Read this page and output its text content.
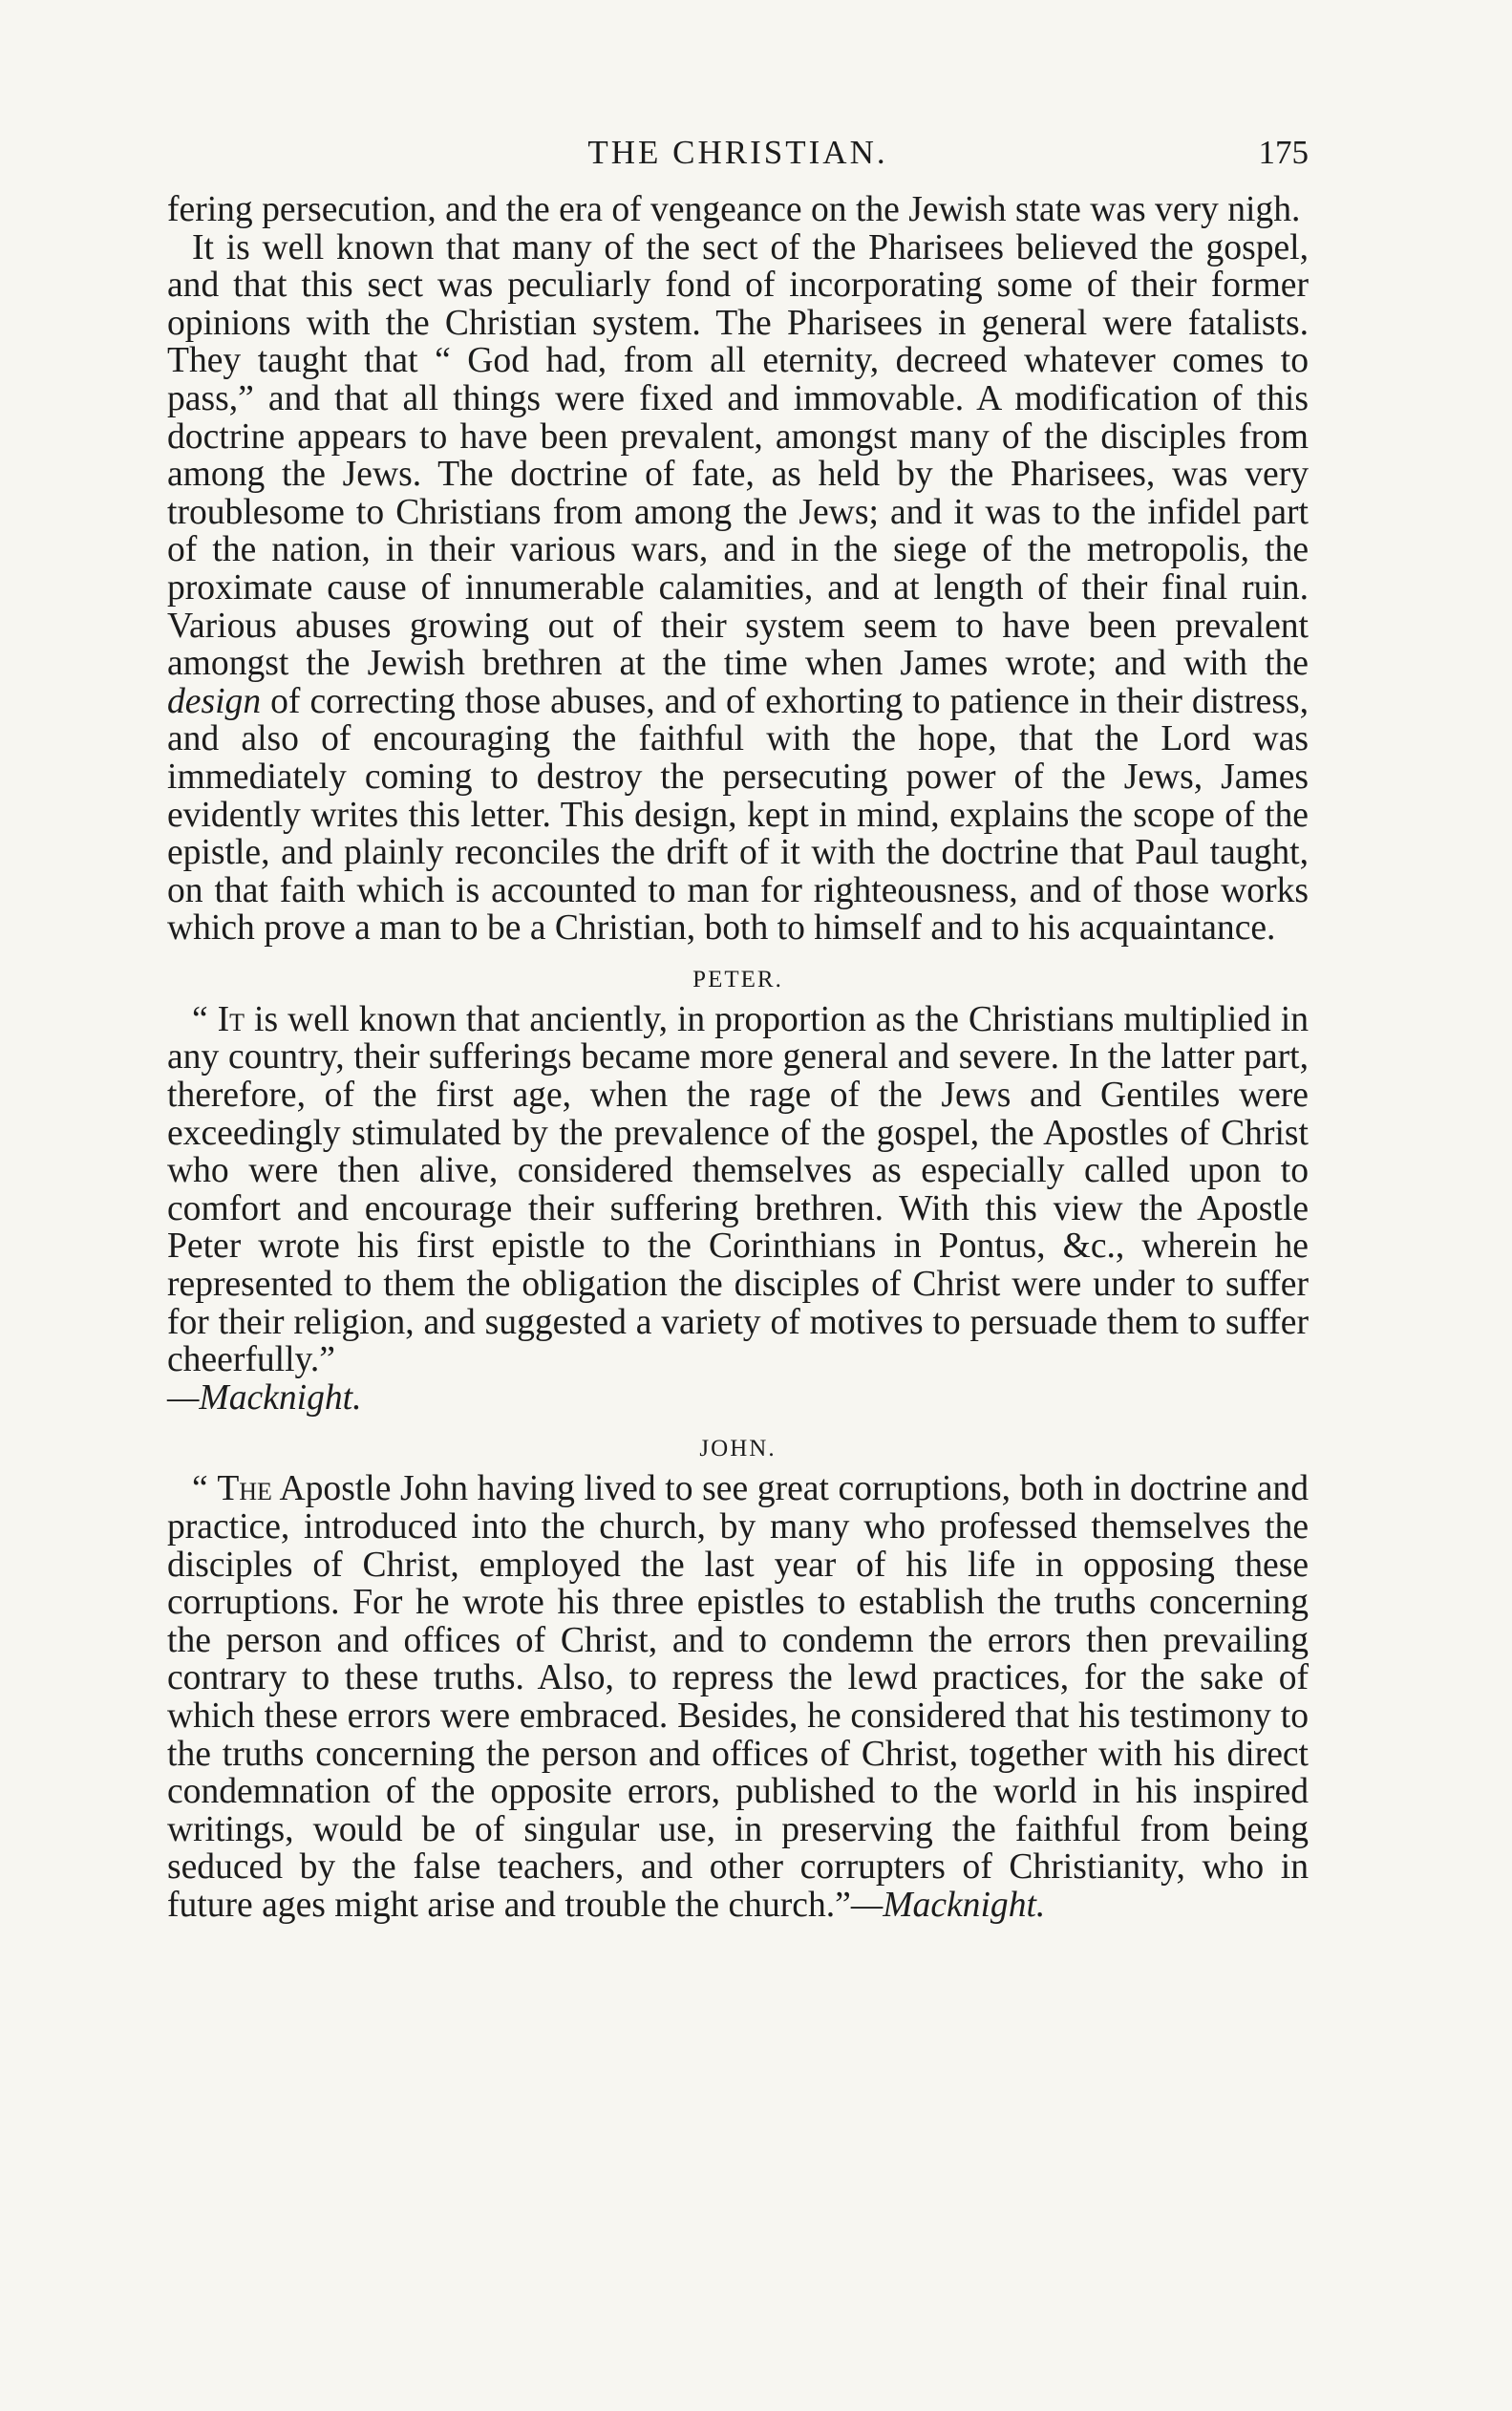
THE CHRISTIAN.	175

fering persecution, and the era of vengeance on the Jewish state was very nigh.

It is well known that many of the sect of the Pharisees believed the gospel, and that this sect was peculiarly fond of incorporating some of their former opinions with the Christian system. The Pharisees in general were fatalists. They taught that “ God had, from all eternity, decreed whatever comes to pass,” and that all things were fixed and immovable. A modification of this doctrine appears to have been prevalent, amongst many of the disciples from among the Jews. The doctrine of fate, as held by the Pharisees, was very troublesome to Christians from among the Jews; and it was to the infidel part of the nation, in their various wars, and in the siege of the metropolis, the proximate cause of innumerable calamities, and at length of their final ruin. Various abuses growing out of their system seem to have been prevalent amongst the Jewish brethren at the time when James wrote; and with the design of correcting those abuses, and of exhorting to patience in their distress, and also of encouraging the faithful with the hope, that the Lord was immediately coming to destroy the persecuting power of the Jews, James evidently writes this letter. This design, kept in mind, explains the scope of the epistle, and plainly reconciles the drift of it with the doctrine that Paul taught, on that faith which is accounted to man for righteousness, and of those works which prove a man to be a Christian, both to himself and to his acquaintance.

PETER.

“ It is well known that anciently, in proportion as the Christians multiplied in any country, their sufferings became more general and severe. In the latter part, therefore, of the first age, when the rage of the Jews and Gentiles were exceedingly stimulated by the prevalence of the gospel, the Apostles of Christ who were then alive, considered themselves as especially called upon to comfort and encourage their suffering brethren. With this view the Apostle Peter wrote his first epistle to the Corinthians in Pontus, &c., wherein he represented to them the obligation the disciples of Christ were under to suffer for their religion, and suggested a variety of motives to persuade them to suffer cheerfully.”
—Macknight.

JOHN.

“ The Apostle John having lived to see great corruptions, both in doctrine and practice, introduced into the church, by many who professed themselves the disciples of Christ, employed the last year of his life in opposing these corruptions. For he wrote his three epistles to establish the truths concerning the person and offices of Christ, and to condemn the errors then prevailing contrary to these truths. Also, to repress the lewd practices, for the sake of which these errors were embraced. Besides, he considered that his testimony to the truths concerning the person and offices of Christ, together with his direct condemnation of the opposite errors, published to the world in his inspired writings, would be of singular use, in preserving the faithful from being seduced by the false teachers, and other corrupters of Christianity, who in future ages might arise and trouble the church.”—Macknight.
